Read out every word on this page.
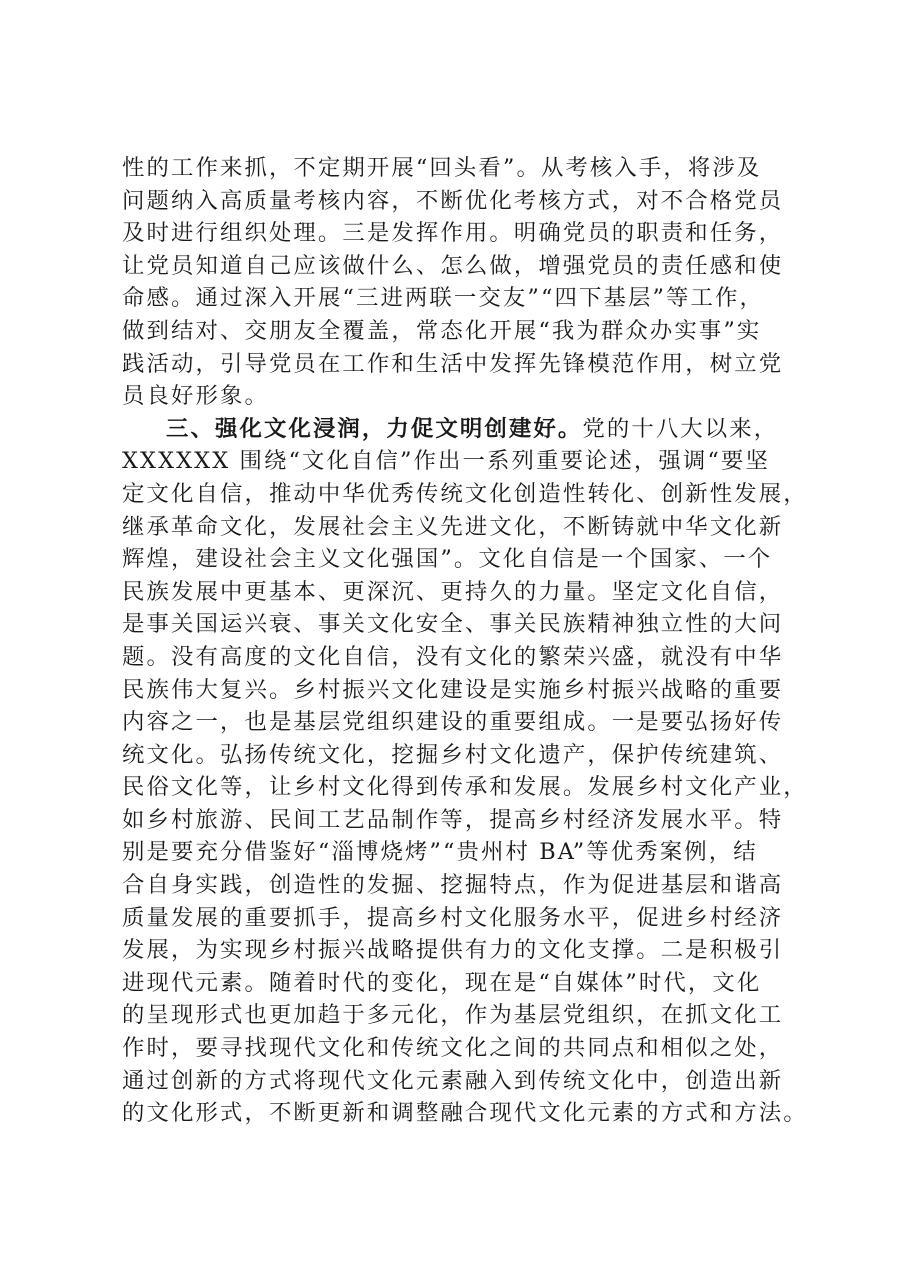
性的工作来抓，不定期开展“回头看”。从考核入手，将涉及
问题纳入高质量考核内容，不断优化考核方式，对不合格党员
及时进行组织处理。三是发挥作用。明确党员的职责和任务，
让党员知道自己应该做什么、怎么做，增强党员的责任感和使
命感。通过深入开展“三进两联一交友”“四下基层”等工作，
做到结对、交朋友全覆盖，常态化开展“我为群众办实事”实
践活动，引导党员在工作和生活中发挥先锋模范作用，树立党
员良好形象。
三、强化文化浸润，力促文明创建好。党的十八大以来，
XXXXXX 围绕“文化自信”作出一系列重要论述，强调“要坚
定文化自信，推动中华优秀传统文化创造性转化、创新性发展，
继承革命文化，发展社会主义先进文化，不断铸就中华文化新
辉煌，建设社会主义文化强国”。文化自信是一个国家、一个
民族发展中更基本、更深沉、更持久的力量。坚定文化自信，
是事关国运兴衰、事关文化安全、事关民族精神独立性的大问
题。没有高度的文化自信，没有文化的繁荣兴盛，就没有中华
民族伟大复兴。乡村振兴文化建设是实施乡村振兴战略的重要
内容之一，也是基层党组织建设的重要组成。一是要弘扬好传
统文化。弘扬传统文化，挖掘乡村文化遗产，保护传统建筑、
民俗文化等，让乡村文化得到传承和发展。发展乡村文化产业，
如乡村旅游、民间工艺品制作等，提高乡村经济发展水平。特
别是要充分借鉴好“淄博烧烤”“贵州村 BA”等优秀案例，结
合自身实践，创造性的发掘、挖掘特点，作为促进基层和谐高
质量发展的重要抓手，提高乡村文化服务水平，促进乡村经济
发展，为实现乡村振兴战略提供有力的文化支撑。二是积极引
进现代元素。随着时代的变化，现在是“自媒体”时代，文化
的呈现形式也更加趋于多元化，作为基层党组织，在抓文化工
作时，要寻找现代文化和传统文化之间的共同点和相似之处，
通过创新的方式将现代文化元素融入到传统文化中，创造出新
的文化形式，不断更新和调整融合现代文化元素的方式和方法。
